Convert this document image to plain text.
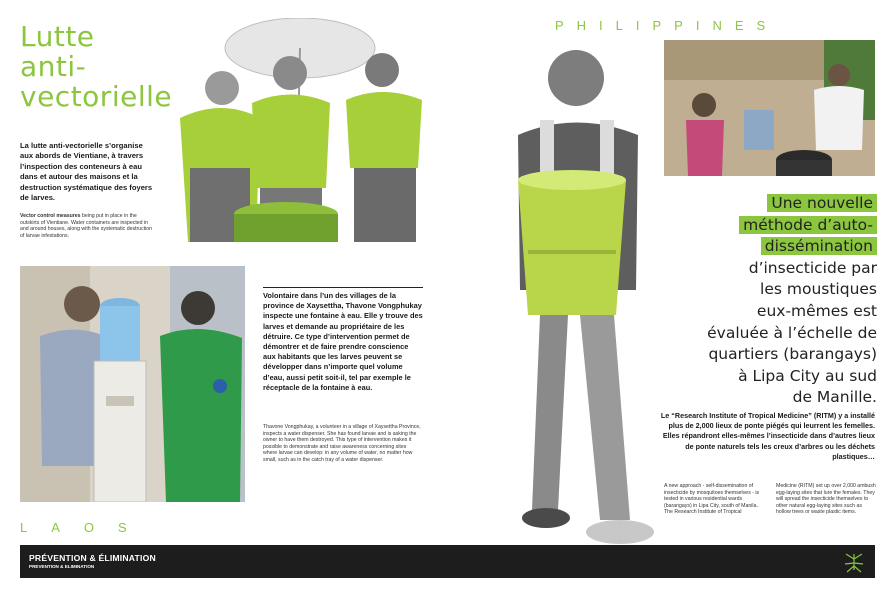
Lutte
anti-
vectorielle

La lutte anti-vectorielle s’organise aux abords de Vientiane, à travers l’inspection des conteneurs à eau dans et autour des maisons et la destruction systématique des foyers de larves.

Vector control measures being put in place in the outskirts of Vientiane. Water containers are inspected in and around houses, along with the systematic destruction of larvae infestations.

Volontaire dans l’un des villages de la province de Xaysettha, Thavone Vongphukay inspecte une fontaine à eau. Elle y trouve des larves et demande au propriétaire de les détruire. Ce type d’intervention permet de démontrer et de faire prendre conscience aux habitants que les larves peuvent se développer dans n’importe quel volume d’eau, aussi petit soit-il, tel par exemple le réceptacle de la fontaine à eau.

Thavone Vongphukay, a volunteer in a village of Xaysettha Province, inspects a water dispenser. She has found larvae and is asking the owner to have them destroyed. This type of intervention makes it possible to demonstrate and raise awareness concerning sites where larvae can develop: in any volume of water, no matter how small, such as in the catch tray of a water dispenser.

PHILIPPINES
LAOS
Une nouvelle
méthode d’auto-
dissémination
d’insecticide par
les moustiques
eux-mêmes est
évaluée à l’échelle de
quartiers (barangays)
à Lipa City au sud
de Manille.

Le “Research Institute of Tropical Medicine” (RITM) y a installé plus de 2,000 lieux de ponte piégés qui leurrent les femelles. Elles répandront elles-mêmes l’insecticide dans d’autres lieux de ponte naturels tels les creux d’arbres ou les déchets plastiques…

A new approach - self-dissemination of insecticide by mosquitoes themselves - is tested in various residential wards (barangays) in Lipa City, south of Manila. The Research Institute of Tropical

Medicine (RITM) set up over 2,000 ambush egg-laying sites that lure the females. They will spread the insecticide themselves to other natural egg-laying sites such as hollow trees or waste plastic items.

PRÉVENTION & ÉLIMINATION
PREVENTION & ELIMINATION
